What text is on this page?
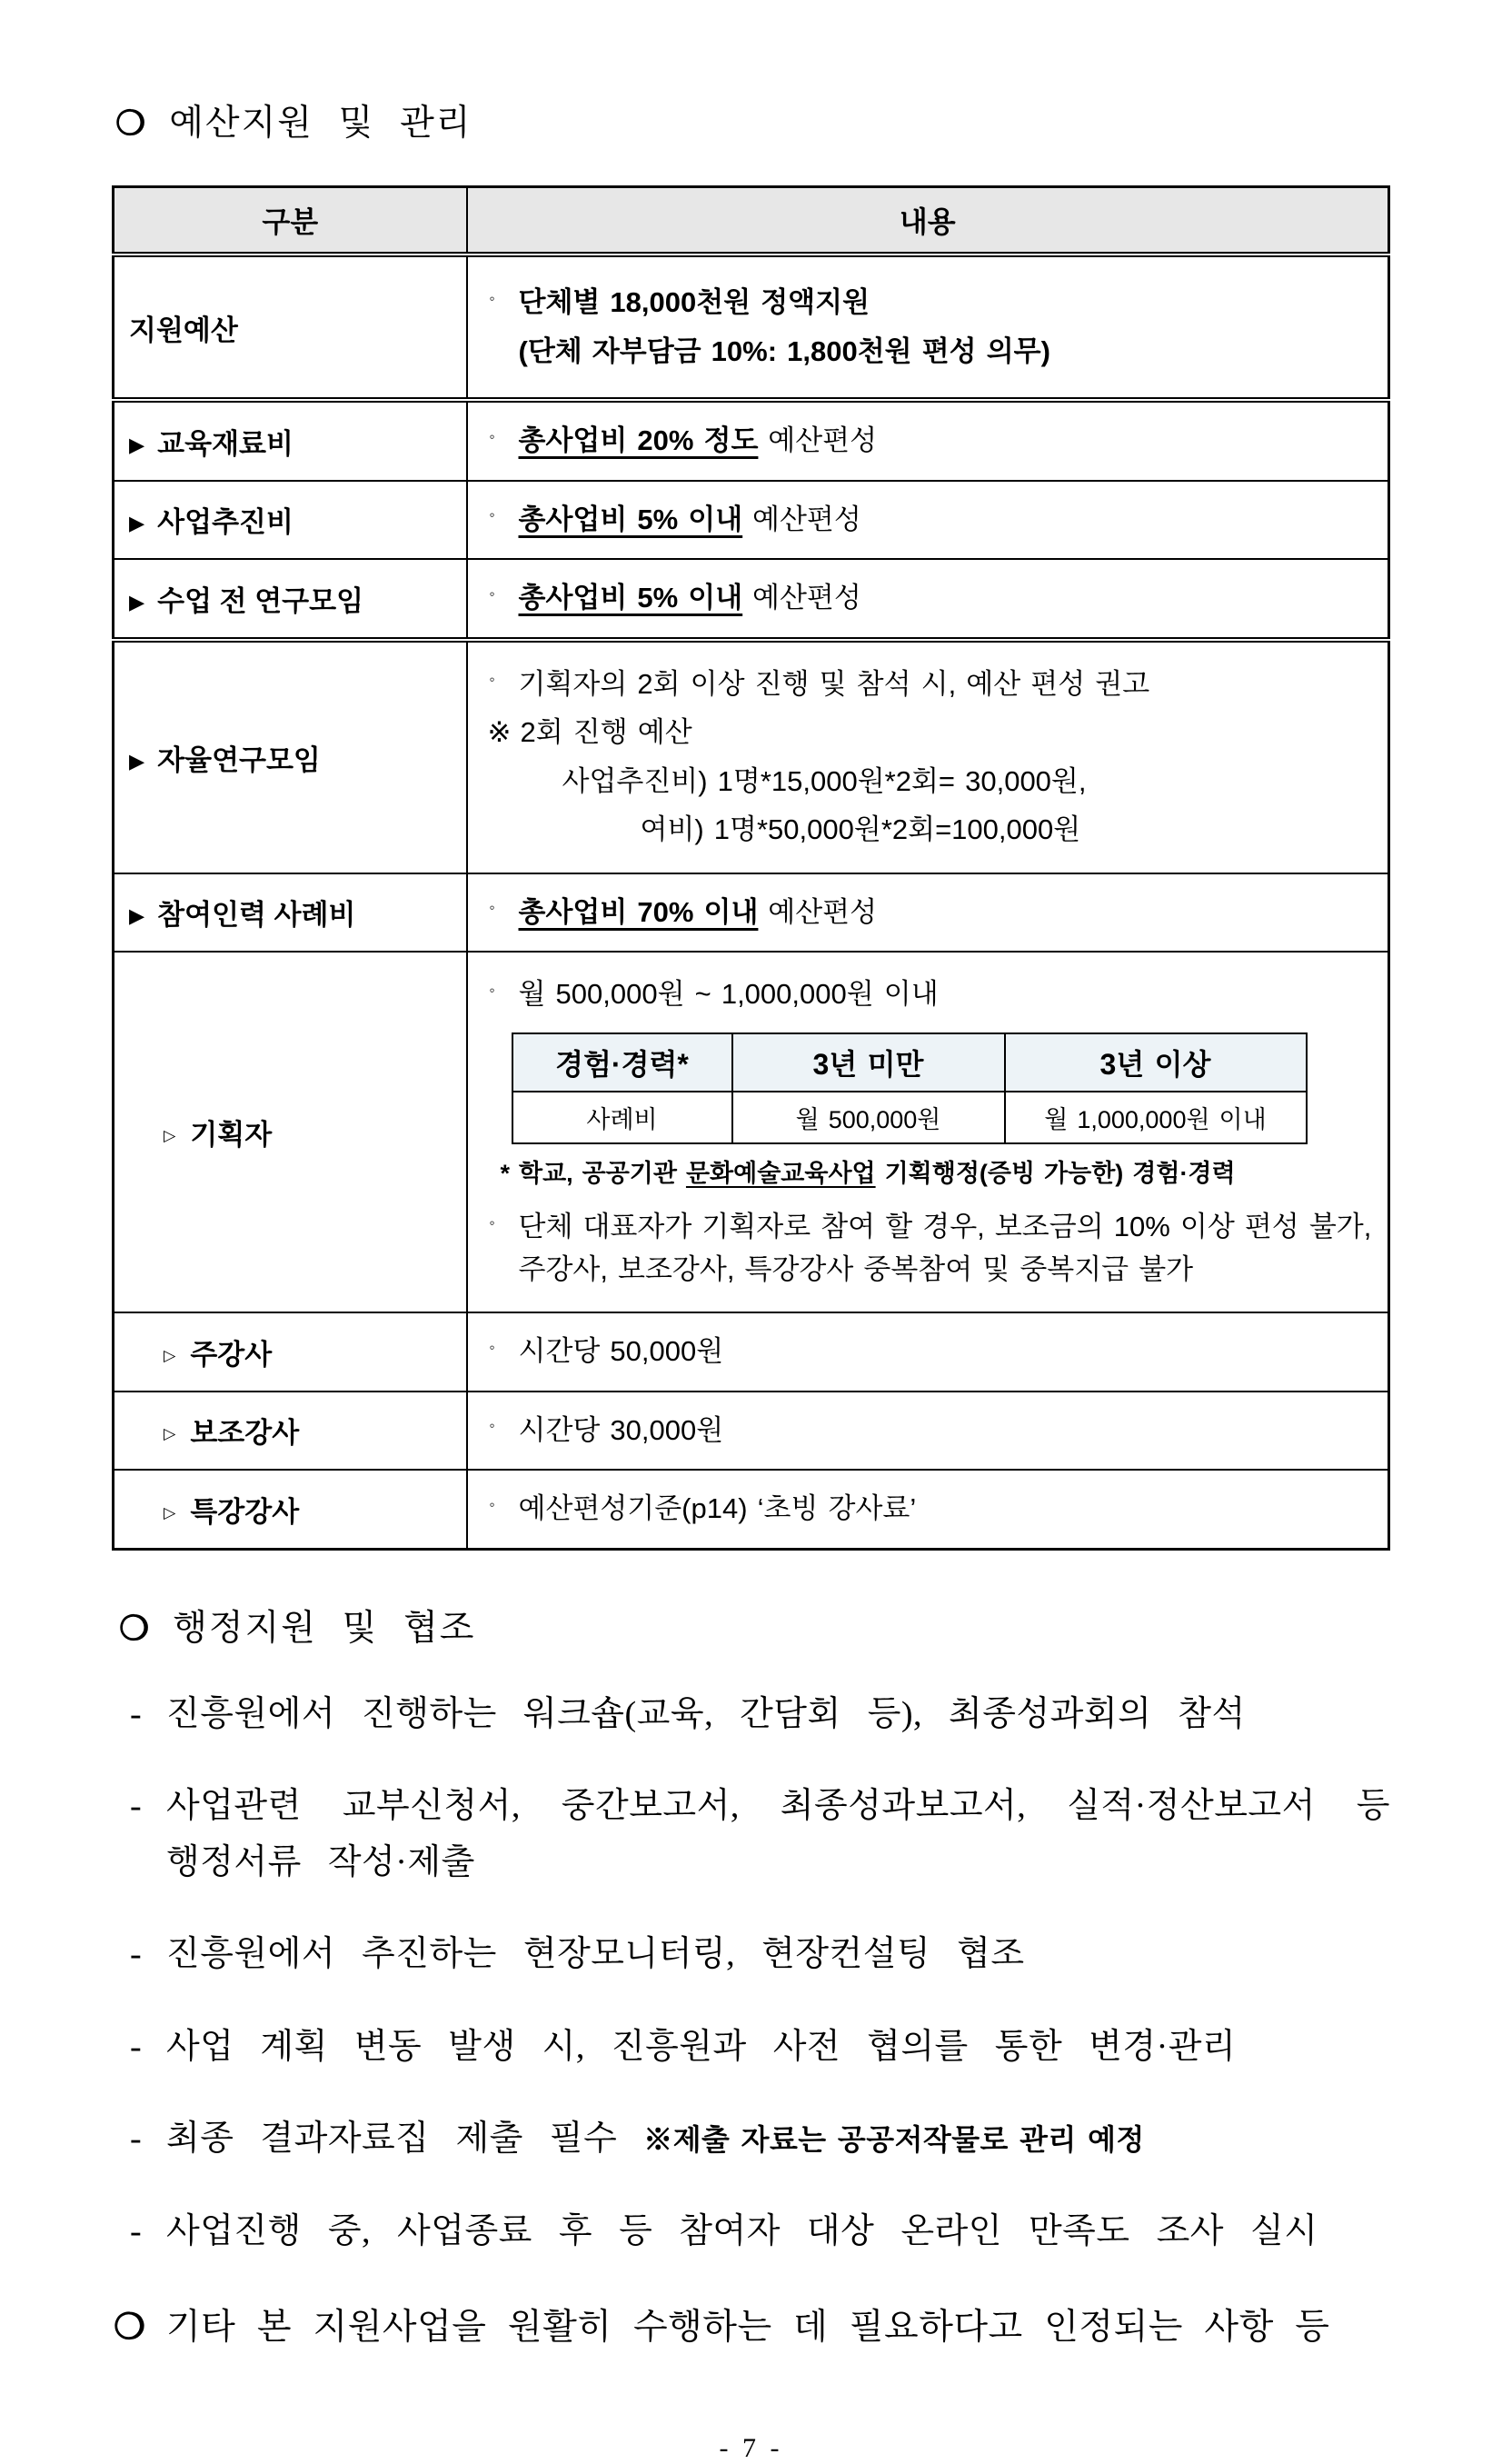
❍ 예산지원 및 관리
구분	내용
지원예산	
◦ 단체별 18,000천원 정액지원
(단체 자부담금 10%: 1,800천원 편성 의무)

▶ 교육재료비	◦ 총사업비 20% 정도 예산편성

▶ 사업추진비	◦ 총사업비 5% 이내 예산편성

▶ 수업 전 연구모임	◦ 총사업비 5% 이내 예산편성

▶ 자율연구모임	
◦ 기획자의 2회 이상 진행 및 참석 시, 예산 편성 권고
※ 2회 진행 예산
사업추진비) 1명*15,000원*2회= 30,000원,
여비) 1명*50,000원*2회=100,000원

▶ 참여인력 사례비	◦ 총사업비 70% 이내 예산편성

▷ 기획자	
◦ 월 500,000원 ~ 1,000,000원 이내
경험·경력*	3년 미만	3년 이상
사례비	월 500,000원	월 1,000,000원 이내
* 학교, 공공기관 문화예술교육사업 기획행정(증빙 가능한) 경험·경력
◦ 단체 대표자가 기획자로 참여 할 경우, 보조금의 10% 이상 편성 불가, 주강사, 보조강사, 특강강사 중복참여 및 중복지급 불가

▷ 주강사	◦ 시간당 50,000원

▷ 보조강사	◦ 시간당 30,000원

▷ 특강강사	◦ 예산편성기준(p14) ‘초빙 강사료’
❍ 행정지원 및 협조
- 진흥원에서 진행하는 워크숍(교육, 간담회 등), 최종성과회의 참석
- 사업관련 교부신청서, 중간보고서, 최종성과보고서, 실적·정산보고서 등 행정서류 작성·제출
- 진흥원에서 추진하는 현장모니터링, 현장컨설팅 협조
- 사업 계획 변동 발생 시, 진흥원과 사전 협의를 통한 변경·관리
- 최종 결과자료집 제출 필수 ※제출 자료는 공공저작물로 관리 예정
- 사업진행 중, 사업종료 후 등 참여자 대상 온라인 만족도 조사 실시
❍ 기타 본 지원사업을 원활히 수행하는 데 필요하다고 인정되는 사항 등
- 7 -
